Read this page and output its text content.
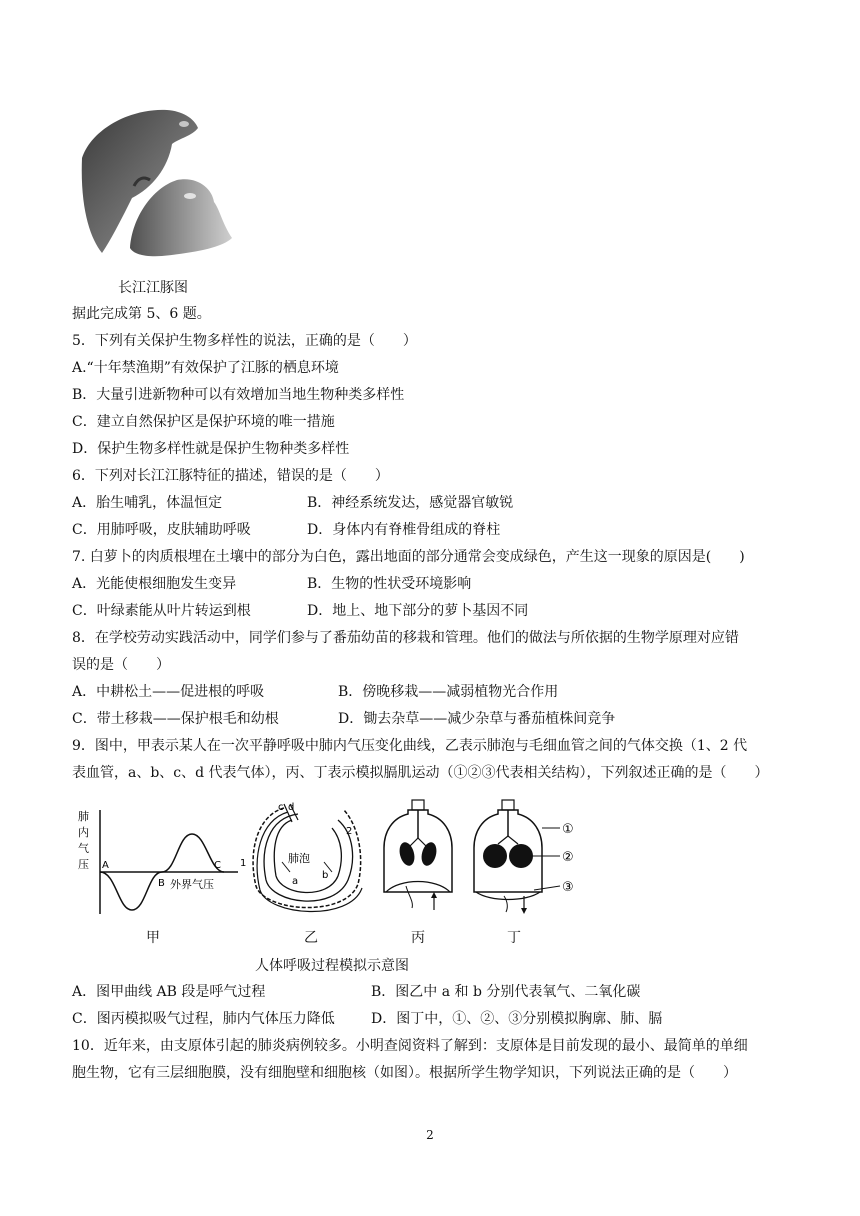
长江江豚图
据此完成第 5、6 题。
5．下列有关保护生物多样性的说法，正确的是（　　）
A.“十年禁渔期”有效保护了江豚的栖息环境
B．大量引进新物种可以有效增加当地生物种类多样性
C．建立自然保护区是保护环境的唯一措施
D．保护生物多样性就是保护生物种类多样性
6．下列对长江江豚特征的描述，错误的是（　　）
A．胎生哺乳，体温恒定	B．神经系统发达，感觉器官敏锐
C．用肺呼吸，皮肤辅助呼吸	D．身体内有脊椎骨组成的脊柱
7. 白萝卜的肉质根埋在土壤中的部分为白色，露出地面的部分通常会变成绿色，产生这一现象的原因是(　　)
A．光能使根细胞发生变异	B．生物的性状受环境影响
C．叶绿素能从叶片转运到根	D．地上、地下部分的萝卜基因不同
8．在学校劳动实践活动中，同学们参与了番茄幼苗的移栽和管理。他们的做法与所依据的生物学原理对应错
误的是（　　）
A．中耕松土——促进根的呼吸	B．傍晚移栽——减弱植物光合作用
C．带土移栽——保护根毛和幼根	D．锄去杂草——减少杂草与番茄植株间竞争
9．图中，甲表示某人在一次平静呼吸中肺内气压变化曲线，乙表示肺泡与毛细血管之间的气体交换（1、2 代
表血管，a、b、c、d 代表气体），丙、丁表示模拟膈肌运动（①②③代表相关结构），下列叙述正确的是（　　）
肺
内
气
压 A
B
C
外界气压
肺泡
c d
1
2
a
b
①
②
③
甲	乙	丙	丁
人体呼吸过程模拟示意图
A．图甲曲线 AB 段是呼气过程	B．图乙中 a 和 b 分别代表氧气、二氧化碳
C．图丙模拟吸气过程，肺内气体压力降低	D．图丁中，①、②、③分别模拟胸廓、肺、膈
10．近年来，由支原体引起的肺炎病例较多。小明查阅资料了解到：支原体是目前发现的最小、最简单的单细
胞生物，它有三层细胞膜，没有细胞壁和细胞核（如图）。根据所学生物学知识，下列说法正确的是（　　）
2
